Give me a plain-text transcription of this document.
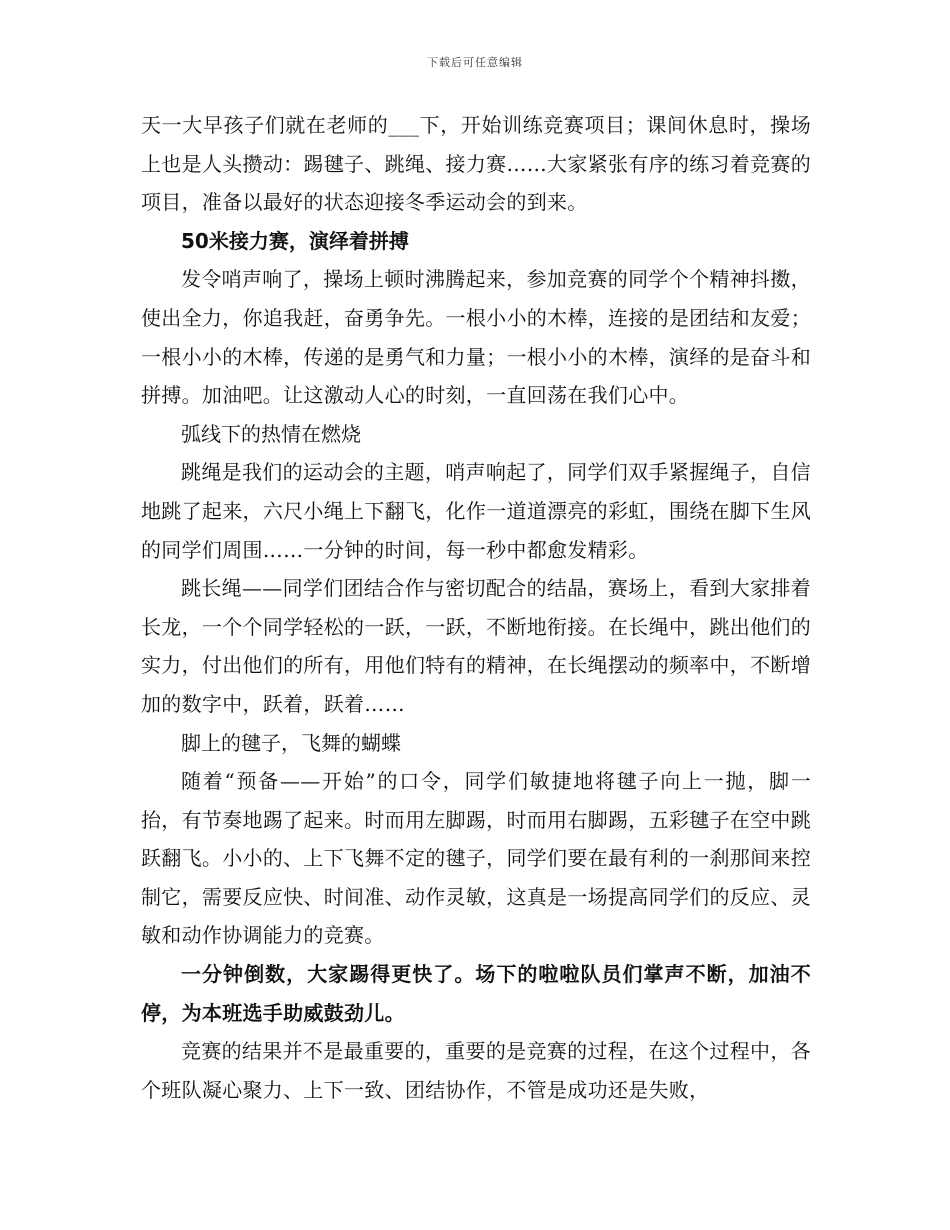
下载后可任意编辑

天一大早孩子们就在老师的___下，开始训练竞赛项目；课间休息时，操场上也是人头攒动：踢毽子、跳绳、接力赛……大家紧张有序的练习着竞赛的项目，准备以最好的状态迎接冬季运动会的到来。

50米接力赛，演绎着拼搏

发令哨声响了，操场上顿时沸腾起来，参加竞赛的同学个个精神抖擞，使出全力，你追我赶，奋勇争先。一根小小的木棒，连接的是团结和友爱；一根小小的木棒，传递的是勇气和力量；一根小小的木棒，演绎的是奋斗和拼搏。加油吧。让这激动人心的时刻，一直回荡在我们心中。

弧线下的热情在燃烧

跳绳是我们的运动会的主题，哨声响起了，同学们双手紧握绳子，自信地跳了起来，六尺小绳上下翻飞，化作一道道漂亮的彩虹，围绕在脚下生风的同学们周围……一分钟的时间，每一秒中都愈发精彩。

跳长绳——同学们团结合作与密切配合的结晶，赛场上，看到大家排着长龙，一个个同学轻松的一跃，一跃，不断地衔接。在长绳中，跳出他们的实力，付出他们的所有，用他们特有的精神，在长绳摆动的频率中，不断增加的数字中，跃着，跃着……

脚上的毽子，飞舞的蝴蝶

随着“预备——开始”的口令，同学们敏捷地将毽子向上一抛，脚一抬，有节奏地踢了起来。时而用左脚踢，时而用右脚踢，五彩毽子在空中跳跃翻飞。小小的、上下飞舞不定的毽子，同学们要在最有利的一刹那间来控制它，需要反应快、时间准、动作灵敏，这真是一场提高同学们的反应、灵敏和动作协调能力的竞赛。

一分钟倒数，大家踢得更快了。场下的啦啦队员们掌声不断，加油不停，为本班选手助威鼓劲儿。

竞赛的结果并不是最重要的，重要的是竞赛的过程，在这个过程中，各个班队凝心聚力、上下一致、团结协作，不管是成功还是失败，
